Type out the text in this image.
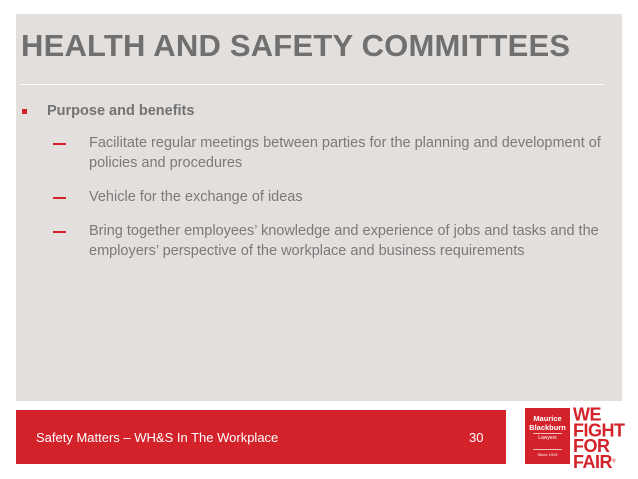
HEALTH AND SAFETY COMMITTEES
Purpose and benefits
Facilitate regular meetings between parties for the planning and development of policies and procedures
Vehicle for the exchange of ideas
Bring together employees’ knowledge and experience of jobs and tasks and the employers’ perspective of the workplace and business requirements
Safety Matters – WH&S In The Workplace	30
Maurice
Blackburn
Lawyers
Since 1919
WE
FIGHT
FOR
FAIR®
